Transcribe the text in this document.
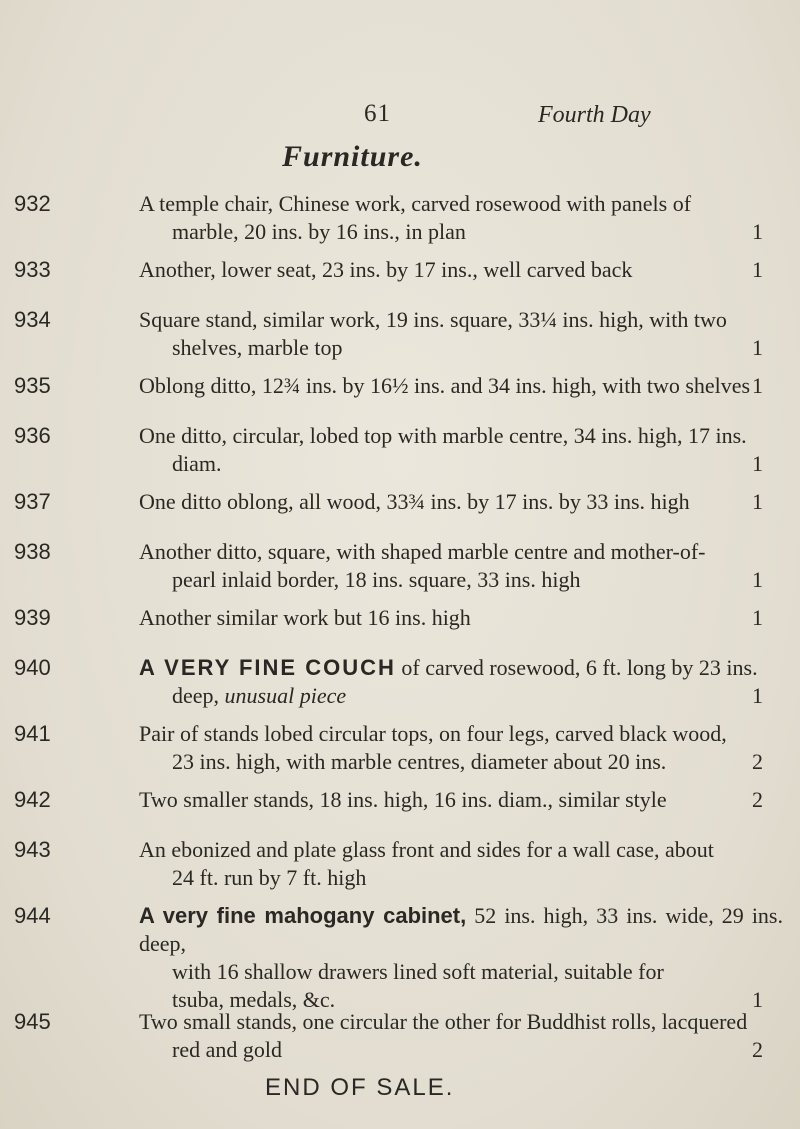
61	Fourth Day
Furniture.
932	A temple chair, Chinese work, carved rosewood with panels of
marble, 20 ins. by 16 ins., in plan	1
933	Another, lower seat, 23 ins. by 17 ins., well carved back	1
934	Square stand, similar work, 19 ins. square, 33¼ ins. high, with two
shelves, marble top	1
935	Oblong ditto, 12¾ ins. by 16½ ins. and 34 ins. high, with two shelves 1
936	One ditto, circular, lobed top with marble centre, 34 ins. high, 17 ins.
diam.	1
937	One ditto oblong, all wood, 33¾ ins. by 17 ins. by 33 ins. high	1
938	Another ditto, square, with shaped marble centre and mother-of-
pearl inlaid border, 18 ins. square, 33 ins. high	1
939	Another similar work but 16 ins. high	1
940	A VERY FINE COUCH of carved rosewood, 6 ft. long by 23 ins.
deep, unusual piece	1
941	Pair of stands lobed circular tops, on four legs, carved black wood,
23 ins. high, with marble centres, diameter about 20 ins.	2
942	Two smaller stands, 18 ins. high, 16 ins. diam., similar style	2
943	An ebonized and plate glass front and sides for a wall case, about
24 ft. run by 7 ft. high
944	A very fine mahogany cabinet, 52 ins. high, 33 ins. wide, 29 ins. deep,
with 16 shallow drawers lined soft material, suitable for
tsuba, medals, &c.	1
945	Two small stands, one circular the other for Buddhist rolls, lacquered
red and gold	2
END OF SALE.
